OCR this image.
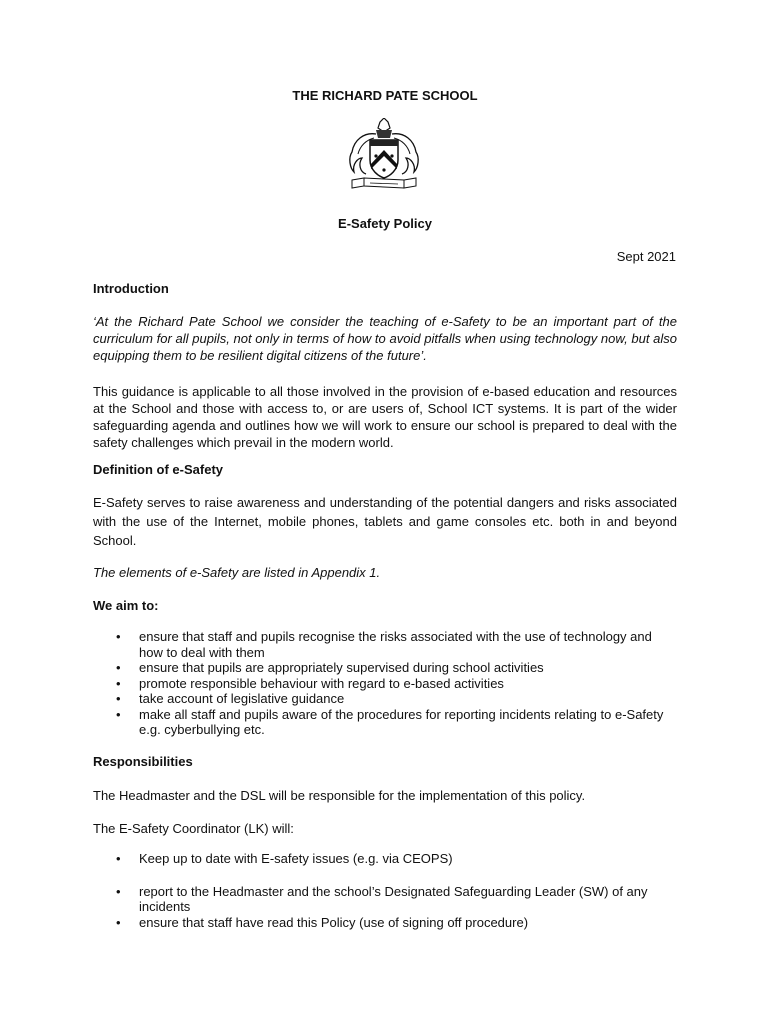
THE RICHARD PATE SCHOOL
E-Safety Policy
Sept 2021
Introduction
‘At the Richard Pate School we consider the teaching of e-Safety to be an important part of the curriculum for all pupils, not only in terms of how to avoid pitfalls when using technology now, but also equipping them to be resilient digital citizens of the future’.
This guidance is applicable to all those involved in the provision of e-based education and resources at the School and those with access to, or are users of, School ICT systems. It is part of the wider safeguarding agenda and outlines how we will work to ensure our school is prepared to deal with the safety challenges which prevail in the modern world.
Definition of e-Safety
E-Safety serves to raise awareness and understanding of the potential dangers and risks associated with the use of the Internet, mobile phones, tablets and game consoles etc. both in and beyond School.
The elements of e-Safety are listed in Appendix 1.
We aim to:
• ensure that staff and pupils recognise the risks associated with the use of technology and how to deal with them
• ensure that pupils are appropriately supervised during school activities
• promote responsible behaviour with regard to e-based activities
• take account of legislative guidance
• make all staff and pupils aware of the procedures for reporting incidents relating to e-Safety e.g. cyberbullying etc.
Responsibilities
The Headmaster and the DSL will be responsible for the implementation of this policy.
The E-Safety Coordinator (LK) will:
• Keep up to date with E-safety issues (e.g. via CEOPS)
• report to the Headmaster and the school’s Designated Safeguarding Leader (SW) of any incidents
• ensure that staff have read this Policy (use of signing off procedure)
